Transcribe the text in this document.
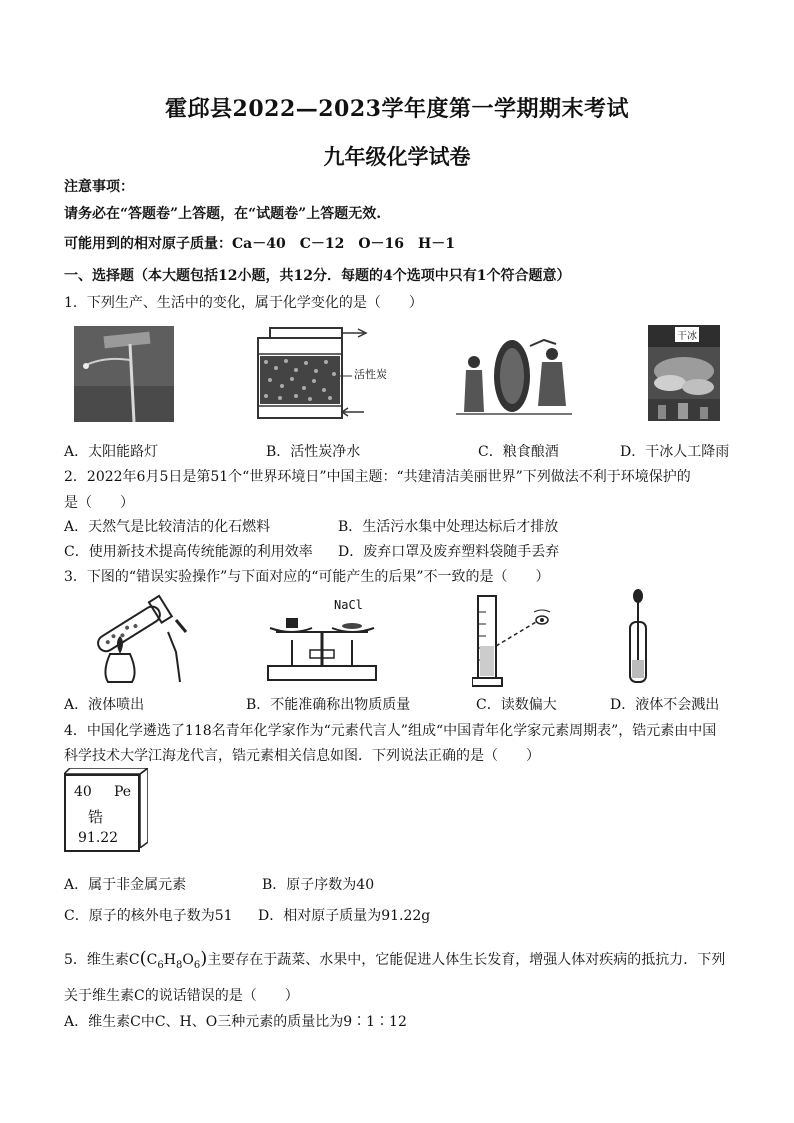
霍邱县2022—2023学年度第一学期期末考试
九年级化学试卷
注意事项：
请务必在“答题卷”上答题，在“试题卷”上答题无效.
可能用到的相对原子质量：Ca－40　C－12　O－16　H－1
一、选择题（本大题包括12小题，共12分．每题的4个选项中只有1个符合题意）
1．下列生产、生活中的变化，属于化学变化的是（　　）
活性炭
干冰
A．太阳能路灯	B．活性炭净水	C．粮食酿酒	D．干冰人工降雨
2．2022年6月5日是第51个“世界环境日”中国主题：“共建清洁美丽世界”下列做法不利于环境保护的
是（　　）
A．天然气是比较清洁的化石燃料	B．生活污水集中处理达标后才排放
C．使用新技术提高传统能源的利用效率 D．废弃口罩及废弃塑料袋随手丢弃
3．下图的“错误实验操作”与下面对应的“可能产生的后果”不一致的是（　　）
NaCl
A．液体喷出	B．不能准确称出物质质量	C．读数偏大	D．液体不会溅出
4．中国化学遴选了118名青年化学家作为“元素代言人”组成“中国青年化学家元素周期表”，锆元素由中国
科学技术大学江海龙代言，锆元素相关信息如图．下列说法正确的是（　　）
40 Pe
锆
91.22
A．属于非金属元素	B．原子序数为40
C．原子的核外电子数为51 D．相对原子质量为91.22g
5．维生素$C(C_6H_8O_6)$主要存在于蔬菜、水果中，它能促进人体生长发育，增强人体对疾病的抵抗力．下列
关于维生素C的说话错误的是（　　）
A．维生素C中C、H、O三种元素的质量比为9∶1∶12
